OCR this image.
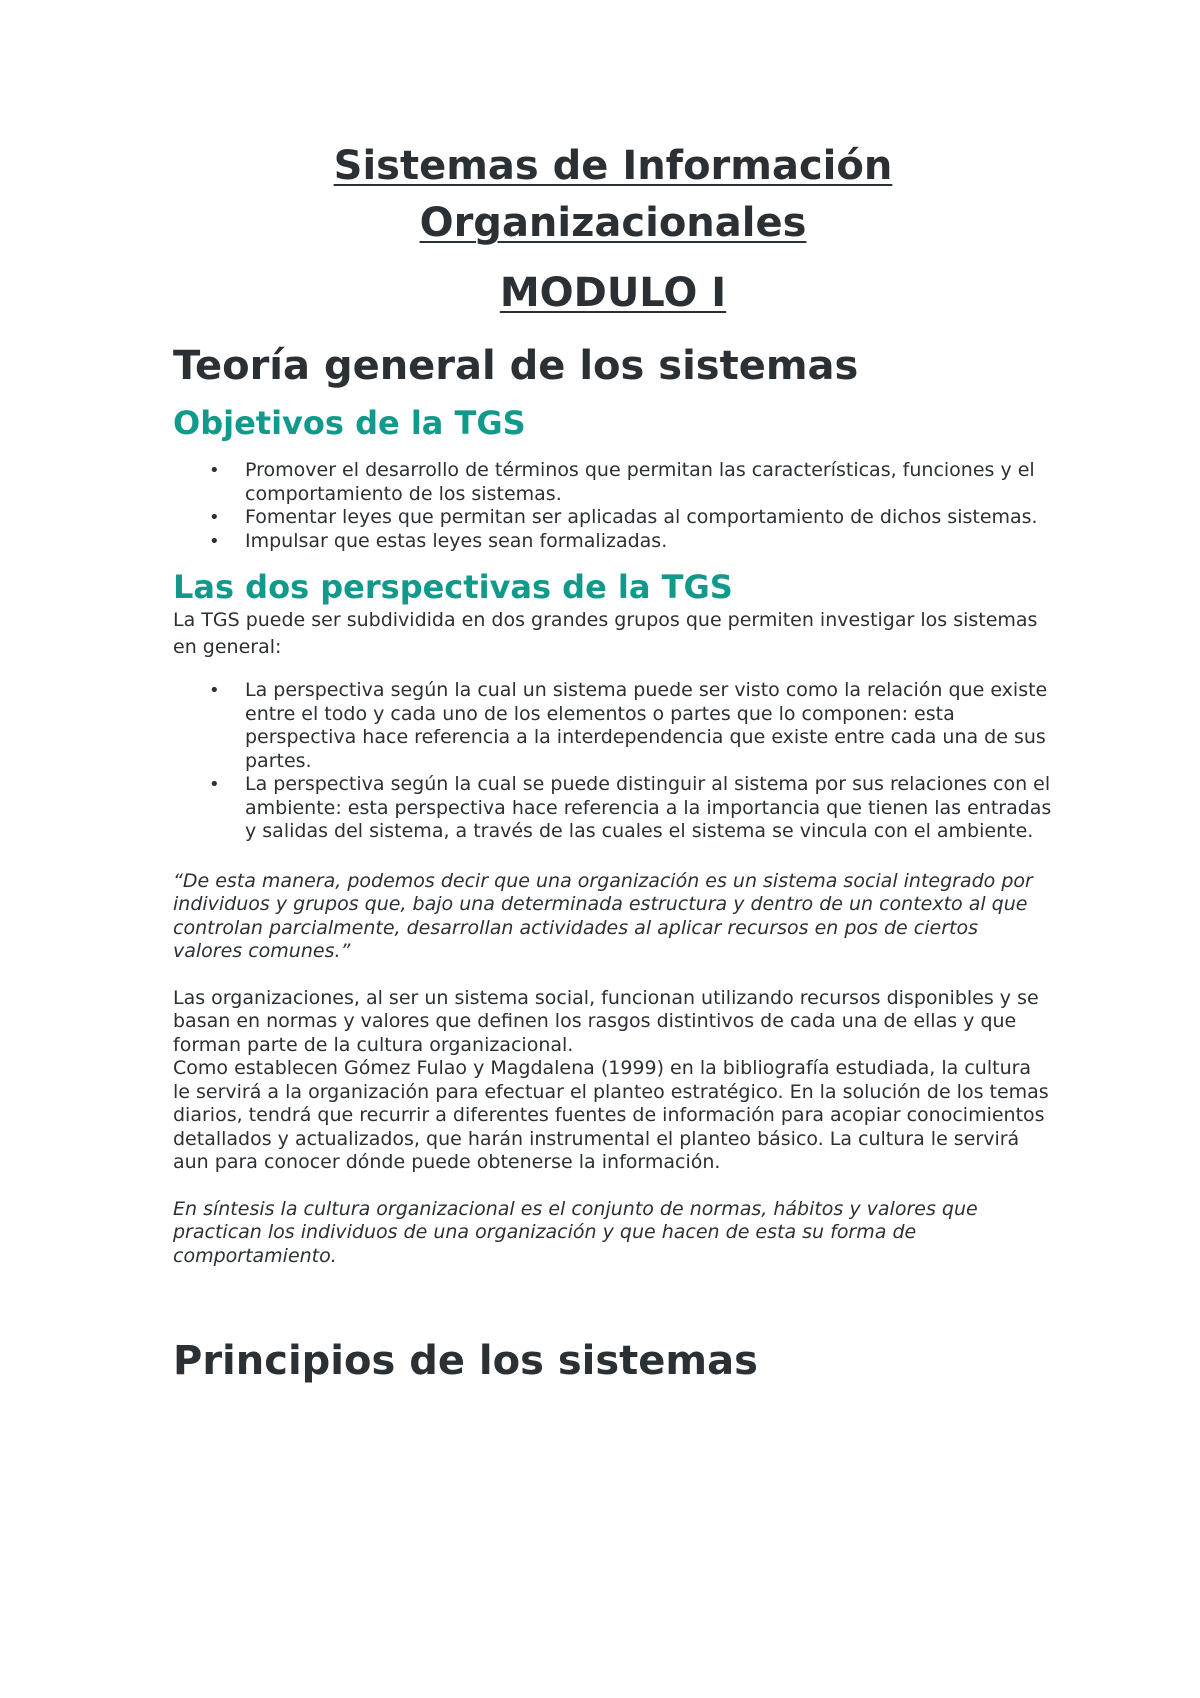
Sistemas de Información
Organizacionales
MODULO I
Teoría general de los sistemas
Objetivos de la TGS
• Promover el desarrollo de términos que permitan las características, funciones y el comportamiento de los sistemas.
• Fomentar leyes que permitan ser aplicadas al comportamiento de dichos sistemas.
• Impulsar que estas leyes sean formalizadas.
Las dos perspectivas de la TGS

La TGS puede ser subdividida en dos grandes grupos que permiten investigar los sistemas en general:

• La perspectiva según la cual un sistema puede ser visto como la relación que existe entre el todo y cada uno de los elementos o partes que lo componen: esta perspectiva hace referencia a la interdependencia que existe entre cada una de sus partes.
• La perspectiva según la cual se puede distinguir al sistema por sus relaciones con el ambiente: esta perspectiva hace referencia a la importancia que tienen las entradas y salidas del sistema, a través de las cuales el sistema se vincula con el ambiente.

“De esta manera, podemos decir que una organización es un sistema social integrado por individuos y grupos que, bajo una determinada estructura y dentro de un contexto al que controlan parcialmente, desarrollan actividades al aplicar recursos en pos de ciertos valores comunes.”

Las organizaciones, al ser un sistema social, funcionan utilizando recursos disponibles y se basan en normas y valores que definen los rasgos distintivos de cada una de ellas y que forman parte de la cultura organizacional.

Como establecen Gómez Fulao y Magdalena (1999) en la bibliografía estudiada, la cultura le servirá a la organización para efectuar el planteo estratégico. En la solución de los temas diarios, tendrá que recurrir a diferentes fuentes de información para acopiar conocimientos detallados y actualizados, que harán instrumental el planteo básico. La cultura le servirá aun para conocer dónde puede obtenerse la información.

En síntesis la cultura organizacional es el conjunto de normas, hábitos y valores que practican los individuos de una organización y que hacen de esta su forma de comportamiento.

Principios de los sistemas
